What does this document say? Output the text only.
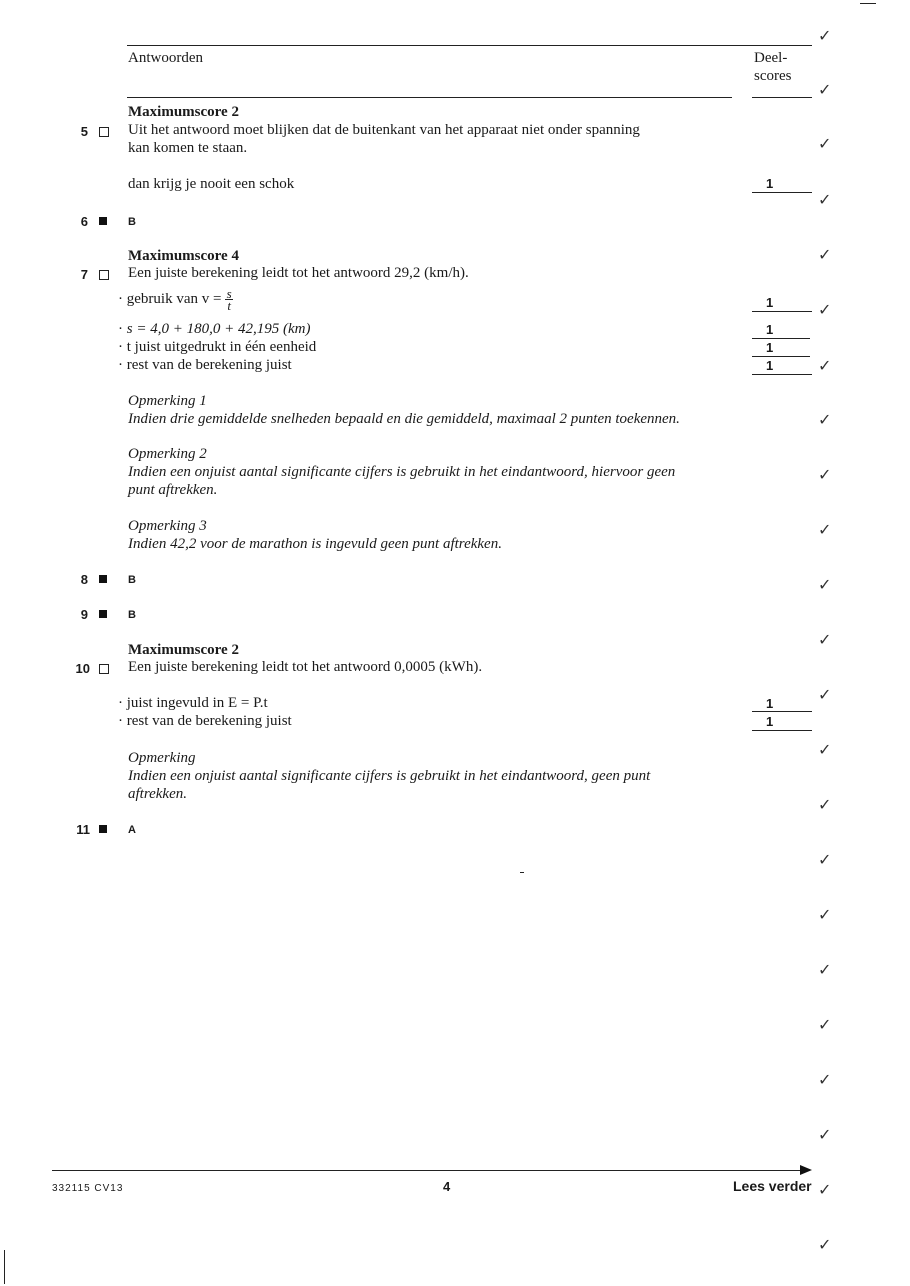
Antwoorden	Deel-
scores
Maximumscore 2
5	Uit het antwoord moet blijken dat de buitenkant van het apparaat niet onder spanning
kan komen te staan.
dan krijg je nooit een schok	1
6	B
Maximumscore 4
7	Een juiste berekening leidt tot het antwoord 29,2 (km/h).
· gebruik van $v = \frac{s}{t}$	1
· s = 4,0 + 180,0 + 42,195 (km)	1
· t juist uitgedrukt in één eenheid	1
· rest van de berekening juist	1
Opmerking 1
Indien drie gemiddelde snelheden bepaald en die gemiddeld, maximaal 2 punten toekennen.
Opmerking 2
Indien een onjuist aantal significante cijfers is gebruikt in het eindantwoord, hiervoor geen
punt aftrekken.
Opmerking 3
Indien 42,2 voor de marathon is ingevuld geen punt aftrekken.
8	B
9	B
Maximumscore 2
10	Een juiste berekening leidt tot het antwoord 0,0005 (kWh).
· juist ingevuld in E = P.t	1
· rest van de berekening juist	1
Opmerking
Indien een onjuist aantal significante cijfers is gebruikt in het eindantwoord, geen punt
aftrekken.
11	A
✓
✓
✓
✓
✓
✓
✓
✓
✓
✓
✓
✓
✓
✓
✓
✓
✓
✓
✓
✓
✓
✓
✓
332115 CV13	4	Lees verder
